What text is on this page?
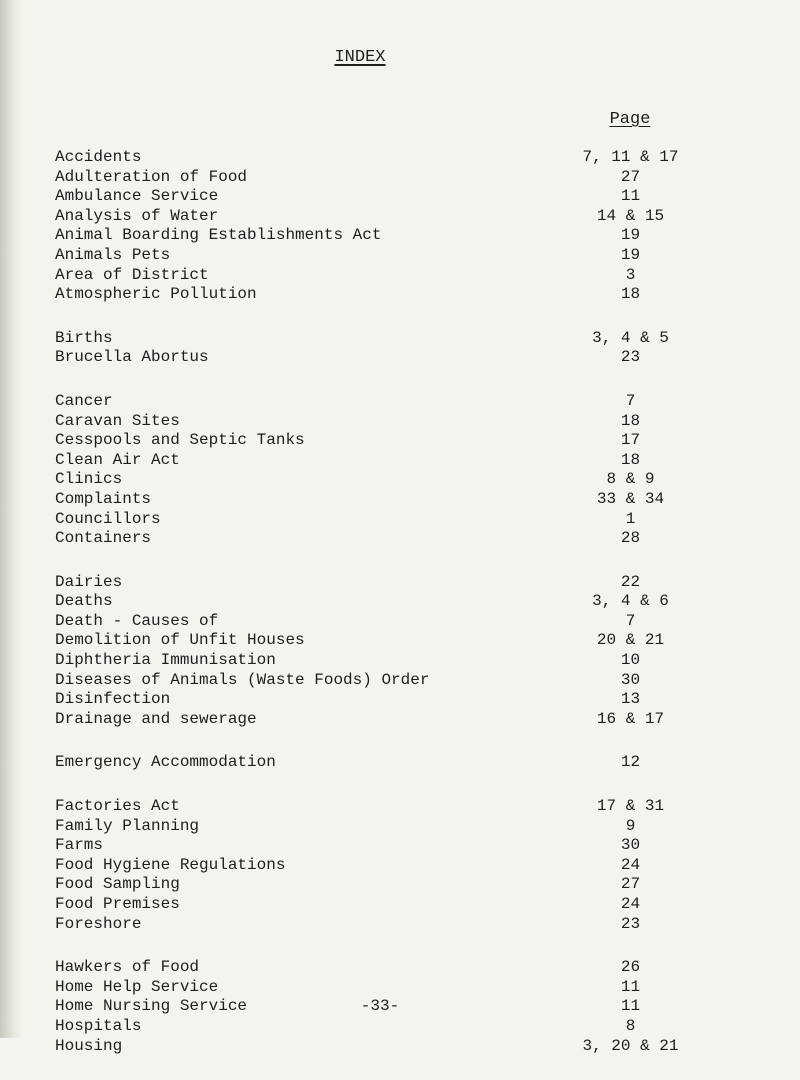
INDEX
Page
Accidents	7, 11 & 17
Adulteration of Food	27
Ambulance Service	11
Analysis of Water	14 & 15
Animal Boarding Establishments Act	19
Animals Pets	19
Area of District	3
Atmospheric Pollution	18
Births	3, 4 & 5
Brucella Abortus	23
Cancer	7
Caravan Sites	18
Cesspools and Septic Tanks	17
Clean Air Act	18
Clinics	8 & 9
Complaints	33 & 34
Councillors	1
Containers	28
Dairies	22
Deaths	3, 4 & 6
Death - Causes of	7
Demolition of Unfit Houses	20 & 21
Diphtheria Immunisation	10
Diseases of Animals (Waste Foods) Order	30
Disinfection	13
Drainage and sewerage	16 & 17
Emergency Accommodation	12
Factories Act	17 & 31
Family Planning	9
Farms	30
Food Hygiene Regulations	24
Food Sampling	27
Food Premises	24
Foreshore	23
Hawkers of Food	26
Home Help Service	11
Home Nursing Service	11
Hospitals	8
Housing	3, 20 & 21
-33-
